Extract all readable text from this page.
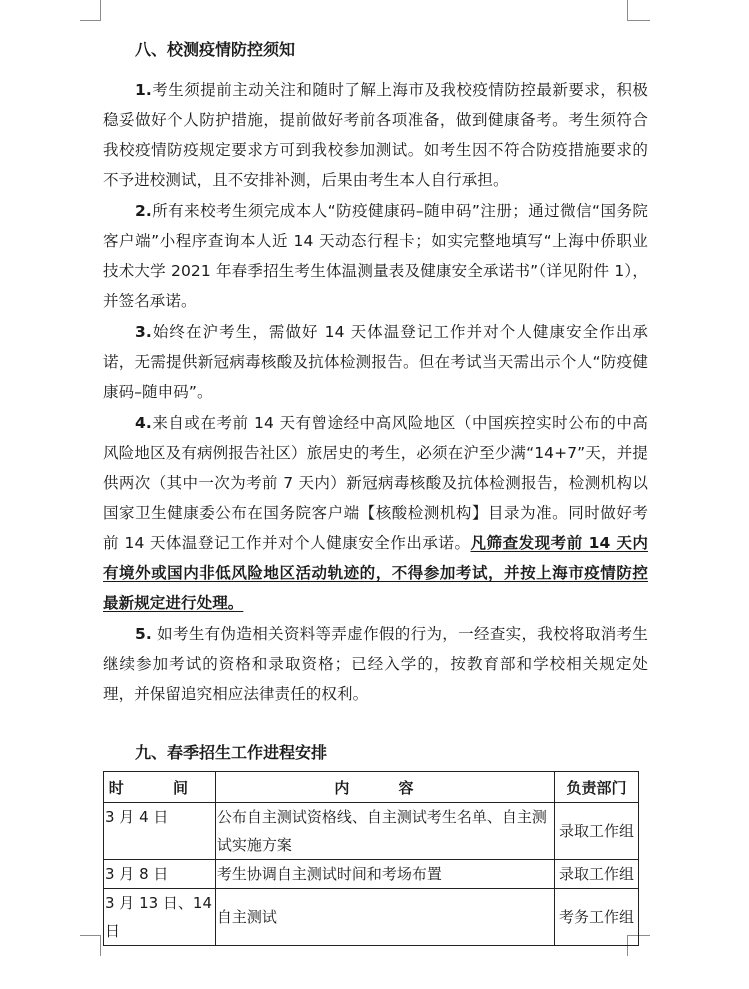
八、校测疫情防控须知

1.考生须提前主动关注和随时了解上海市及我校疫情防控最新要求，积极稳妥做好个人防护措施，提前做好考前各项准备，做到健康备考。考生须符合我校疫情防疫规定要求方可到我校参加测试。如考生因不符合防疫措施要求的不予进校测试，且不安排补测，后果由考生本人自行承担。

2.所有来校考生须完成本人“防疫健康码–随申码”注册；通过微信“国务院客户端”小程序查询本人近 14 天动态行程卡；如实完整地填写“上海中侨职业技术大学 2021 年春季招生考生体温测量表及健康安全承诺书”（详见附件 1），并签名承诺。

3.始终在沪考生，需做好 14 天体温登记工作并对个人健康安全作出承诺，无需提供新冠病毒核酸及抗体检测报告。但在考试当天需出示个人“防疫健康码–随申码”。

4.来自或在考前 14 天有曾途经中高风险地区（中国疾控实时公布的中高风险地区及有病例报告社区）旅居史的考生，必须在沪至少满“14+7”天，并提供两次（其中一次为考前 7 天内）新冠病毒核酸及抗体检测报告，检测机构以国家卫生健康委公布在国务院客户端【核酸检测机构】目录为准。同时做好考前 14 天体温登记工作并对个人健康安全作出承诺。凡筛查发现考前 14 天内有境外或国内非低风险地区活动轨迹的，不得参加考试，并按上海市疫情防控最新规定进行处理。

5. 如考生有伪造相关资料等弄虚作假的行为，一经查实，我校将取消考生继续参加考试的资格和录取资格；已经入学的，按教育部和学校相关规定处理，并保留追究相应法律责任的权利。

九、春季招生工作进程安排
时 间	内 容	负责部门
3 月 4 日	公布自主测试资格线、自主测试考生名单、自主测试实施方案	录取工作组
3 月 8 日	考生协调自主测试时间和考场布置	录取工作组
3 月 13 日、14 日	自主测试	考务工作组
